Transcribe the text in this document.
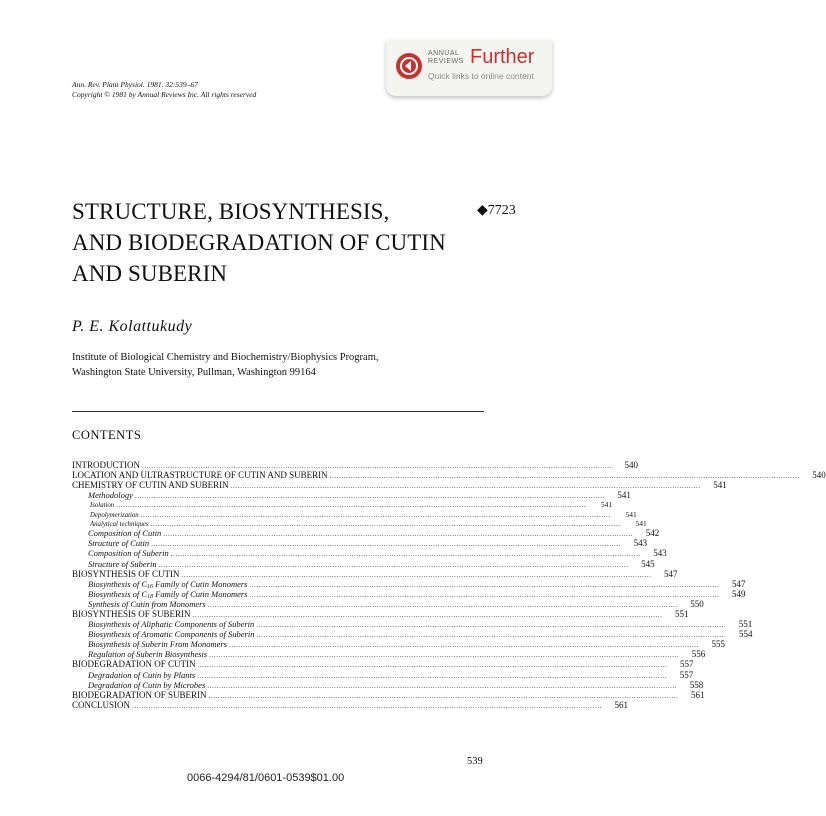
ANNUAL
REVIEWS Further
Quick links to online content
Ann. Rev. Plant Physiol. 1981. 32:539–67
Copyright © 1981 by Annual Reviews Inc. All rights reserved
STRUCTURE, BIOSYNTHESIS,
AND BIODEGRADATION OF CUTIN
AND SUBERIN
◆7723
P. E. Kolattukudy
Institute of Biological Chemistry and Biochemistry/Biophysics Program,
Washington State University, Pullman, Washington 99164
CONTENTS
INTRODUCTION ........................................................................................................................................................................................................	540
LOCATION AND ULTRASTRUCTURE OF CUTIN AND SUBERIN ........................................................................................................................................................................................................	540
CHEMISTRY OF CUTIN AND SUBERIN ........................................................................................................................................................................................................	541
Methodology ........................................................................................................................................................................................................	541
Isolation ........................................................................................................................................................................................................	541
Depolymerization ........................................................................................................................................................................................................	541
Analytical techniques ........................................................................................................................................................................................................	541
Composition of Cutin ........................................................................................................................................................................................................	542
Structure of Cutin ........................................................................................................................................................................................................	543
Composition of Suberin ........................................................................................................................................................................................................	543
Structure of Suberin ........................................................................................................................................................................................................	545
BIOSYNTHESIS OF CUTIN ........................................................................................................................................................................................................	547
Biosynthesis of C16 Family of Cutin Monomers ........................................................................................................................................................................................................	547
Biosynthesis of C18 Family of Cutin Monomers ........................................................................................................................................................................................................	549
Synthesis of Cutin from Monomers ........................................................................................................................................................................................................	550
BIOSYNTHESIS OF SUBERIN ........................................................................................................................................................................................................	551
Biosynthesis of Aliphatic Components of Suberin ........................................................................................................................................................................................................	551
Biosynthesis of Aromatic Components of Suberin ........................................................................................................................................................................................................	554
Biosynthesis of Suberin From Monomers ........................................................................................................................................................................................................	555
Regulation of Suberin Biosynthesis ........................................................................................................................................................................................................	556
BIODEGRADATION OF CUTIN ........................................................................................................................................................................................................	557
Degradation of Cutin by Plants ........................................................................................................................................................................................................	557
Degradation of Cutin by Microbes ........................................................................................................................................................................................................	558
BIODEGRADATION OF SUBERIN ........................................................................................................................................................................................................	561
CONCLUSION ........................................................................................................................................................................................................	561
539
0066-4294/81/0601-0539$01.00
